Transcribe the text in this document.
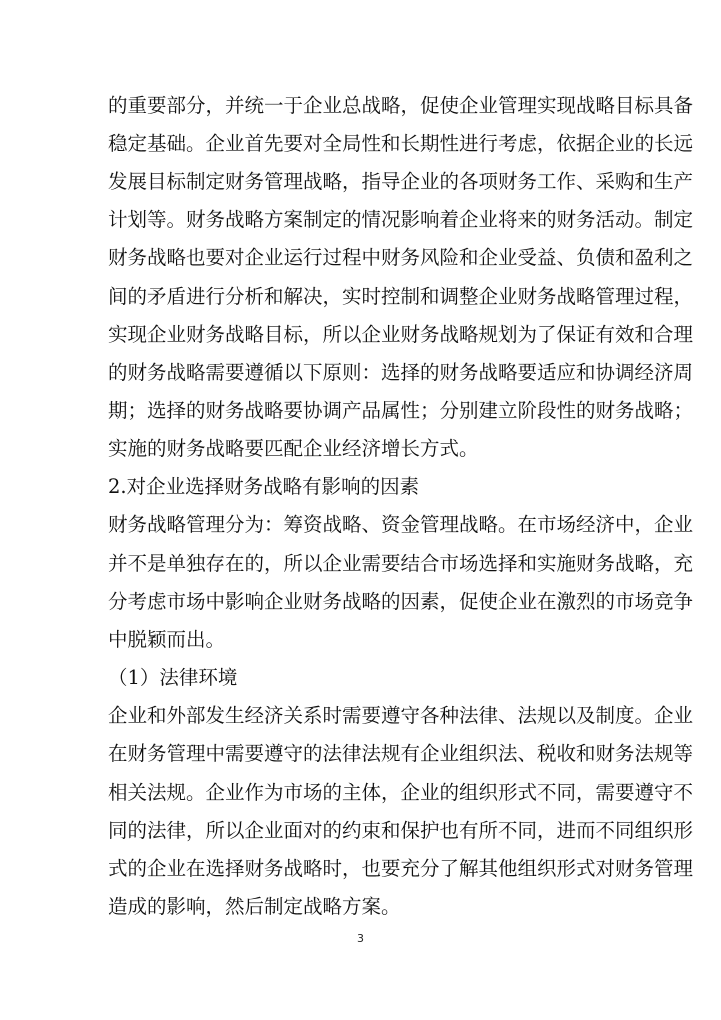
的重要部分，并统一于企业总战略，促使企业管理实现战略目标具备
稳定基础。企业首先要对全局性和长期性进行考虑，依据企业的长远
发展目标制定财务管理战略，指导企业的各项财务工作、采购和生产
计划等。财务战略方案制定的情况影响着企业将来的财务活动。制定
财务战略也要对企业运行过程中财务风险和企业受益、负债和盈利之
间的矛盾进行分析和解决，实时控制和调整企业财务战略管理过程，
实现企业财务战略目标，所以企业财务战略规划为了保证有效和合理
的财务战略需要遵循以下原则：选择的财务战略要适应和协调经济周
期；选择的财务战略要协调产品属性；分别建立阶段性的财务战略；
实施的财务战略要匹配企业经济增长方式。
2.对企业选择财务战略有影响的因素
财务战略管理分为：筹资战略、资金管理战略。在市场经济中，企业
并不是单独存在的，所以企业需要结合市场选择和实施财务战略，充
分考虑市场中影响企业财务战略的因素，促使企业在激烈的市场竞争
中脱颖而出。
（1）法律环境
企业和外部发生经济关系时需要遵守各种法律、法规以及制度。企业
在财务管理中需要遵守的法律法规有企业组织法、税收和财务法规等
相关法规。企业作为市场的主体，企业的组织形式不同，需要遵守不
同的法律，所以企业面对的约束和保护也有所不同，进而不同组织形
式的企业在选择财务战略时，也要充分了解其他组织形式对财务管理
造成的影响，然后制定战略方案。
3
